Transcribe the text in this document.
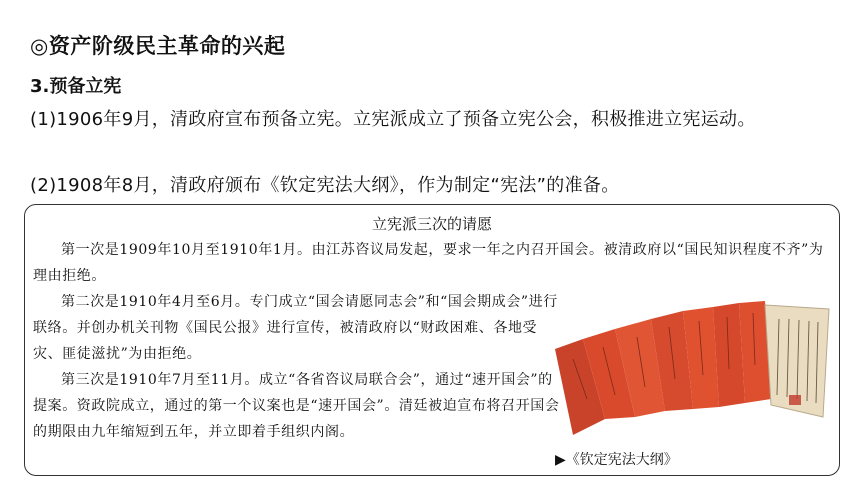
◎资产阶级民主革命的兴起
3.预备立宪
(1)1906年9月，清政府宣布预备立宪。立宪派成立了预备立宪公会，积极推进立宪运动。
(2)1908年8月，清政府颁布《钦定宪法大纲》，作为制定“宪法”的准备。
立宪派三次的请愿

第一次是1909年10月至1910年1月。由江苏咨议局发起，要求一年之内召开国会。被清政府以“国民知识程度不齐”为理由拒绝。

第二次是1910年4月至6月。专门成立“国会请愿同志会”和“国会期成会”进行联络。并创办机关刊物《国民公报》进行宣传，被清政府以“财政困难、各地受灾、匪徒滋扰”为由拒绝。

第三次是1910年7月至11月。成立“各省咨议局联合会”，通过“速开国会”的提案。资政院成立，通过的第一个议案也是“速开国会”。清廷被迫宣布将召开国会的期限由九年缩短到五年，并立即着手组织内阁。

▶《钦定宪法大纲》
